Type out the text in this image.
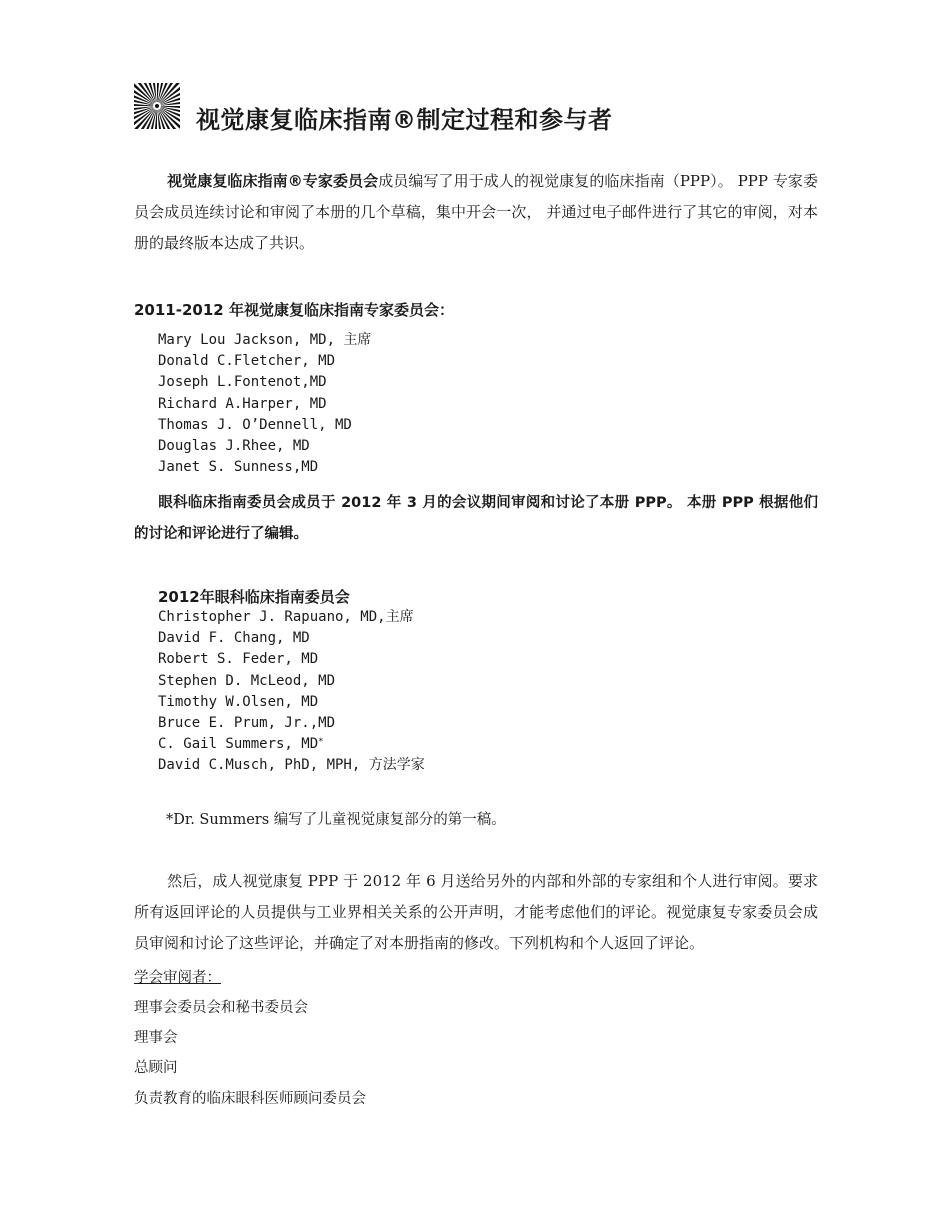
视觉康复临床指南®制定过程和参与者
视觉康复临床指南®专家委员会成员编写了用于成人的视觉康复的临床指南（PPP）。 PPP 专家委员会成员连续讨论和审阅了本册的几个草稿，集中开会一次， 并通过电子邮件进行了其它的审阅，对本册的最终版本达成了共识。
2011-2012 年视觉康复临床指南专家委员会：
Mary Lou Jackson, MD, 主席
Donald C.Fletcher, MD
Joseph L.Fontenot,MD
Richard A.Harper, MD
Thomas J. O’Dennell, MD
Douglas J.Rhee, MD
Janet S. Sunness,MD
眼科临床指南委员会成员于 2012 年 3 月的会议期间审阅和讨论了本册 PPP。 本册 PPP 根据他们的讨论和评论进行了编辑。
2012年眼科临床指南委员会
Christopher J. Rapuano, MD,主席
David F. Chang, MD
Robert S. Feder, MD
Stephen D. McLeod, MD
Timothy W.Olsen, MD
Bruce E. Prum, Jr.,MD
C. Gail Summers, MD*
David C.Musch, PhD, MPH, 方法学家
*Dr. Summers 编写了儿童视觉康复部分的第一稿。
然后，成人视觉康复 PPP 于 2012 年 6 月送给另外的内部和外部的专家组和个人进行审阅。要求所有返回评论的人员提供与工业界相关关系的公开声明，才能考虑他们的评论。视觉康复专家委员会成员审阅和讨论了这些评论，并确定了对本册指南的修改。下列机构和个人返回了评论。
学会审阅者：
理事会委员会和秘书委员会
理事会
总顾问
负责教育的临床眼科医师顾问委员会
